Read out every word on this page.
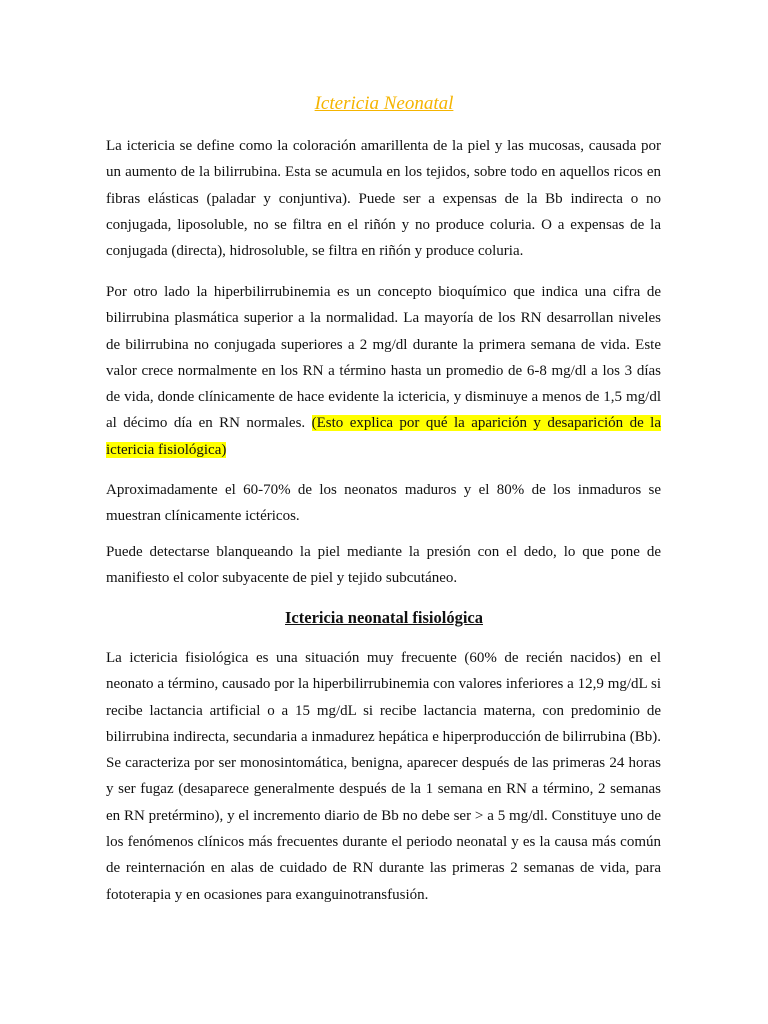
Ictericia Neonatal

La ictericia se define como la coloración amarillenta de la piel y las mucosas, causada por un aumento de la bilirrubina. Esta se acumula en los tejidos, sobre todo en aquellos ricos en fibras elásticas (paladar y conjuntiva). Puede ser a expensas de la Bb indirecta o no conjugada, liposoluble, no se filtra en el riñón y no produce coluria. O a expensas de la conjugada (directa), hidrosoluble, se filtra en riñón y produce coluria.

Por otro lado la hiperbilirrubinemia es un concepto bioquímico que indica una cifra de bilirrubina plasmática superior a la normalidad. La mayoría de los RN desarrollan niveles de bilirrubina no conjugada superiores a 2 mg/dl durante la primera semana de vida. Este valor crece normalmente en los RN a término hasta un promedio de 6-8 mg/dl a los 3 días de vida, donde clínicamente de hace evidente la ictericia, y disminuye a menos de 1,5 mg/dl al décimo día en RN normales. (Esto explica por qué la aparición y desaparición de la ictericia fisiológica)

Aproximadamente el 60-70% de los neonatos maduros y el 80% de los inmaduros se muestran clínicamente ictéricos.

Puede detectarse blanqueando la piel mediante la presión con el dedo, lo que pone de manifiesto el color subyacente de piel y tejido subcutáneo.

Ictericia neonatal fisiológica

La ictericia fisiológica es una situación muy frecuente (60% de recién nacidos) en el neonato a término, causado por la hiperbilirrubinemia con valores inferiores a 12,9 mg/dL si recibe lactancia artificial o a 15 mg/dL si recibe lactancia materna, con predominio de bilirrubina indirecta, secundaria a inmadurez hepática e hiperproducción de bilirrubina (Bb). Se caracteriza por ser monosintomática, benigna, aparecer después de las primeras 24 horas y ser fugaz (desaparece generalmente después de la 1 semana en RN a término, 2 semanas en RN pretérmino), y el incremento diario de Bb no debe ser > a 5 mg/dl. Constituye uno de los fenómenos clínicos más frecuentes durante el periodo neonatal y es la causa más común de reinternación en alas de cuidado de RN durante las primeras 2 semanas de vida, para fototerapia y en ocasiones para exanguinotransfusión.
